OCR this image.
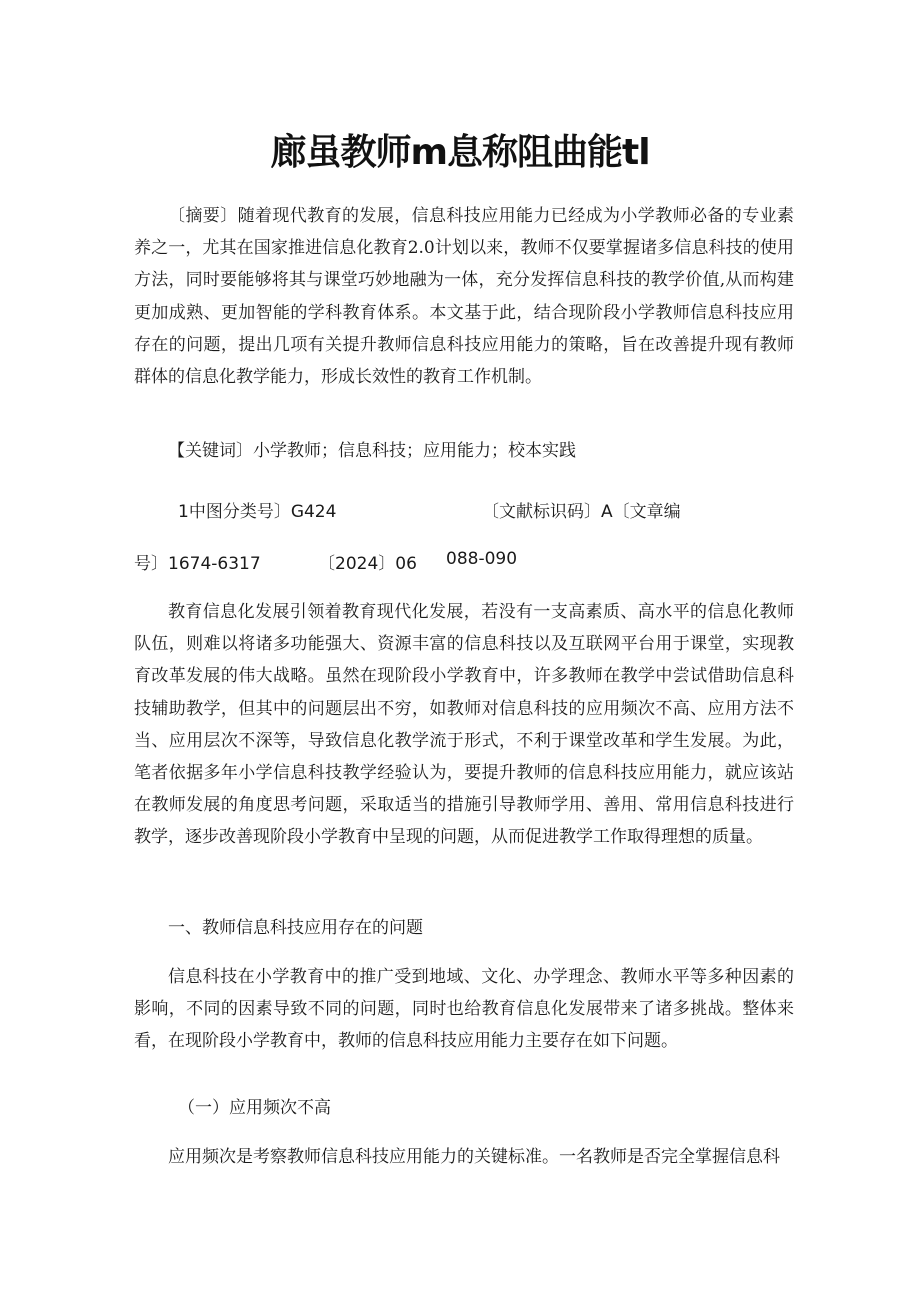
廊虽教师m息称阻曲能tl

〔摘要〕随着现代教育的发展，信息科技应用能力已经成为小学教师必备的专业素养之一，尤其在国家推进信息化教育2.0计划以来，教师不仅要掌握诸多信息科技的使用方法，同时要能够将其与课堂巧妙地融为一体，充分发挥信息科技的教学价值,从而构建更加成熟、更加智能的学科教育体系。本文基于此，结合现阶段小学教师信息科技应用存在的问题，提出几项有关提升教师信息科技应用能力的策略，旨在改善提升现有教师群体的信息化教学能力，形成长效性的教育工作机制。

【关键词〕小学教师；信息科技；应用能力；校本实践
1中图分类号〕G424	〔文献标识码〕A〔文章编
号〕1674-6317	〔2024〕06 088-090

教育信息化发展引领着教育现代化发展，若没有一支高素质、高水平的信息化教师队伍，则难以将诸多功能强大、资源丰富的信息科技以及互联网平台用于课堂，实现教育改革发展的伟大战略。虽然在现阶段小学教育中，许多教师在教学中尝试借助信息科技辅助教学，但其中的问题层出不穷，如教师对信息科技的应用频次不高、应用方法不当、应用层次不深等，导致信息化教学流于形式，不利于课堂改革和学生发展。为此，笔者依据多年小学信息科技教学经验认为，要提升教师的信息科技应用能力，就应该站在教师发展的角度思考问题，采取适当的措施引导教师学用、善用、常用信息科技进行教学，逐步改善现阶段小学教育中呈现的问题，从而促进教学工作取得理想的质量。

一、教师信息科技应用存在的问题

信息科技在小学教育中的推广受到地域、文化、办学理念、教师水平等多种因素的影响，不同的因素导致不同的问题，同时也给教育信息化发展带来了诸多挑战。整体来看，在现阶段小学教育中，教师的信息科技应用能力主要存在如下问题。

（一）应用频次不高

应用频次是考察教师信息科技应用能力的关键标准。一名教师是否完全掌握信息科
